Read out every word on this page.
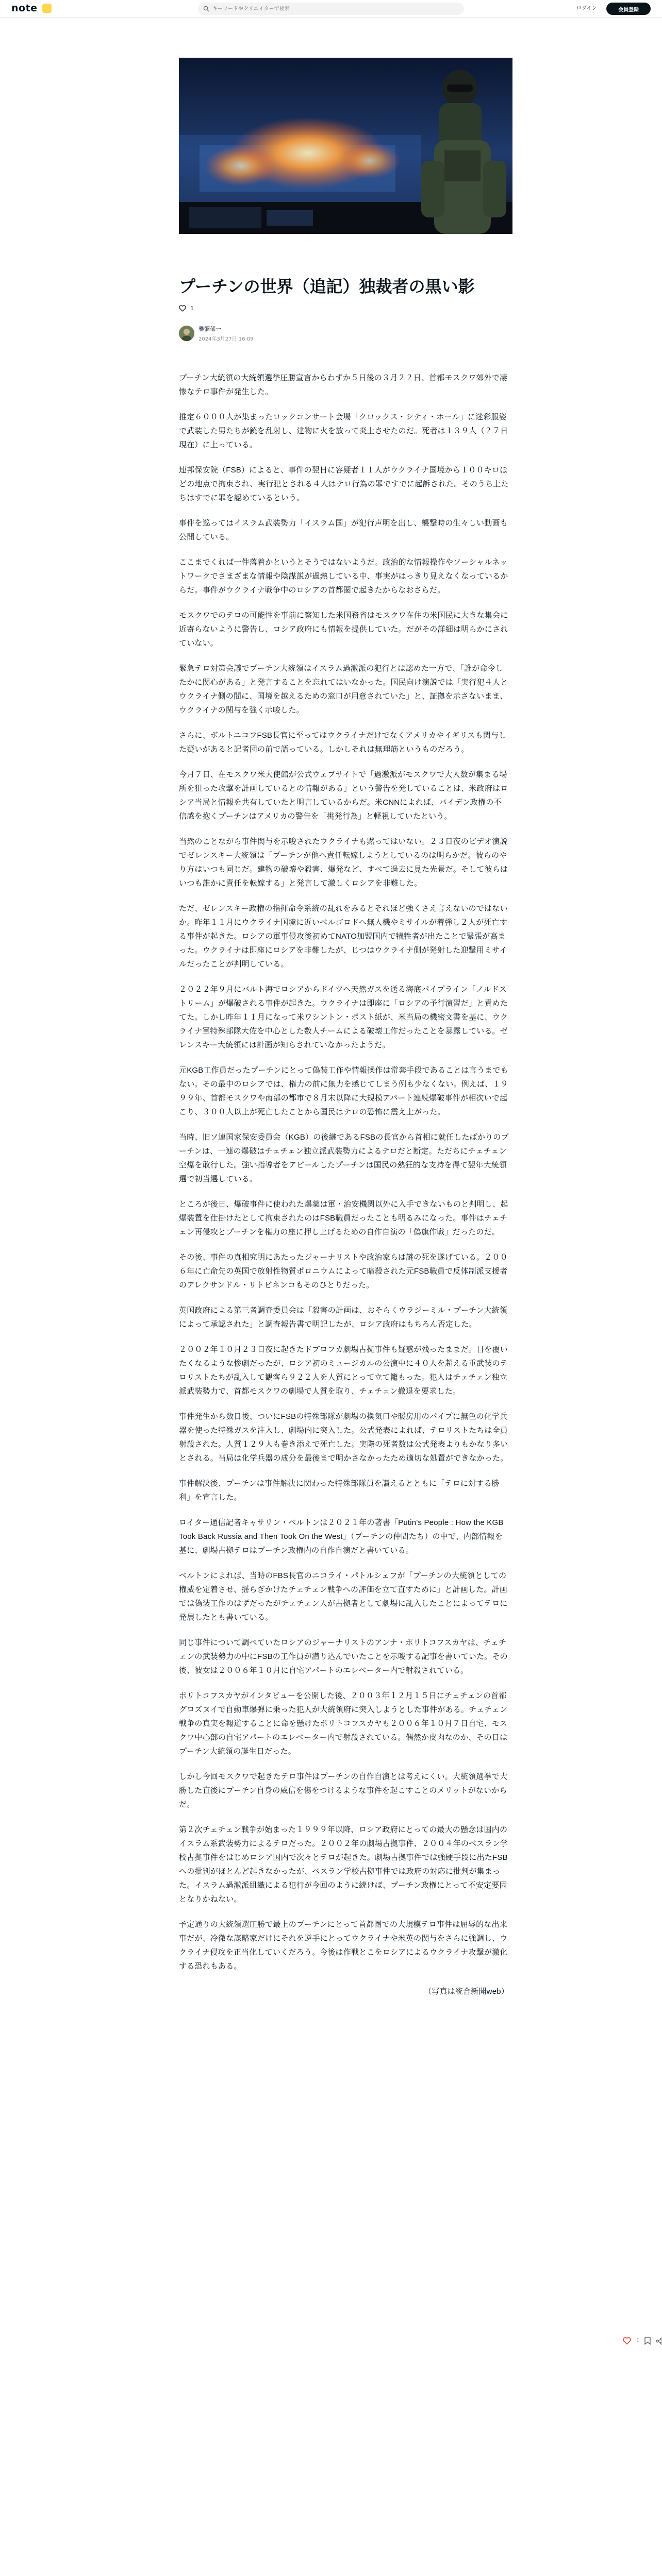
note
キーワードやクリエイターで検索	ログイン	会員登録
プーチンの世界（追記）独裁者の黒い影
1
雅彌郁一
2024年3月27日 16:09

プーチン大統領の大統領選挙圧勝宣言からわずか５日後の３月２２日、首都モスクワ郊外で凄惨なテロ事件が発生した。

推定６０００人が集まったロックコンサート会場「クロックス・シティ・ホール」に迷彩服姿で武装した男たちが銃を乱射し、建物に火を放って炎上させたのだ。死者は１３９人（２７日現在）に上っている。

連邦保安院（FSB）によると、事件の翌日に容疑者１１人がウクライナ国境から１００キロほどの地点で拘束され、実行犯とされる４人はテロ行為の罪ですでに起訴された。そのうち上たちはすでに罪を認めているという。

事件を巡ってはイスラム武装勢力「イスラム国」が犯行声明を出し、襲撃時の生々しい動画も公開している。

ここまでくれば一件落着かというとそうではないようだ。政治的な情報操作やソーシャルネットワークでさまざまな情報や陰謀説が過熱している中、事実がはっきり見えなくなっているからだ。事件がウクライナ戦争中のロシアの首都圏で起きたからなおさらだ。

モスクワでのテロの可能性を事前に察知した米国務省はモスクワ在住の米国民に大きな集会に近寄らないように警告し、ロシア政府にも情報を提供していた。だがその詳細は明らかにされていない。

緊急テロ対策会議でプーチン大統領はイスラム過激派の犯行とは認めた一方で、「誰が命令したかに関心がある」と発言することを忘れてはいなかった。国民向け演説では「実行犯４人とウクライナ側の間に、国境を越えるための窓口が用意されていた」と、証拠を示さないまま、ウクライナの関与を強く示唆した。

さらに、ボルトニコフFSB長官に至ってはウクライナだけでなくアメリカやイギリスも関与した疑いがあると記者団の前で語っている。しかしそれは無理筋というものだろう。

今月７日、在モスクワ米大使館が公式ウェブサイトで「過激派がモスクワで大人数が集まる場所を狙った攻撃を計画しているとの情報がある」という警告を発していることは、米政府はロシア当局と情報を共有していたと明言しているからだ。米CNNによれば、バイデン政権の不信感を抱くプーチンはアメリカの警告を「挑発行為」と軽視していたという。

当然のことながら事件関与を示唆されたウクライナも黙ってはいない。２３日夜のビデオ演説でゼレンスキー大統領は「プーチンが他へ責任転嫁しようとしているのは明らかだ。彼らのやり方はいつも同じだ。建物の破壊や殺害、爆発など、すべて過去に見た光景だ。そして彼らはいつも誰かに責任を転嫁する」と発言して激しくロシアを非難した。

ただ、ゼレンスキー政権の指揮命令系統の乱れをみるとそれほど強くさえ言えないのではないか。昨年１１月にウクライナ国境に近いベルゴロドへ無人機やミサイルが着弾し２人が死亡する事件が起きた。ロシアの軍事侵攻後初めてNATO加盟国内で犠牲者が出たことで緊張が高まった。ウクライナは即座にロシアを非難したが、じつはウクライナ側が発射した迎撃用ミサイルだったことが判明している。

２０２２年９月にバルト海でロシアからドイツへ天然ガスを送る海底パイプライン「ノルドストリーム」が爆破される事件が起きた。ウクライナは即座に「ロシアの予行演習だ」と責めたてた。しかし昨年１１月になって米ワシントン・ポスト紙が、米当局の機密文書を基に、ウクライナ軍特殊部隊大佐を中心とした数人チームによる破壊工作だったことを暴露している。ゼレンスキー大統領には計画が知らされていなかったようだ。

元KGB工作員だったプーチンにとって偽装工作や情報操作は常套手段であることは言うまでもない。その最中のロシアでは、権力の前に無力を感じてしまう例も少なくない。例えば、１９９９年、首都モスクワや南部の都市で８月末以降に大規模アパート連続爆破事件が相次いで起こり、３００人以上が死亡したことから国民はテロの恐怖に震え上がった。

当時、旧ソ連国家保安委員会（KGB）の後継であるFSBの長官から首相に就任したばかりのプーチンは、一連の爆破はチェチェン独立派武装勢力によるテロだと断定。ただちにチェチェン空爆を敢行した。強い指導者をアピールしたプーチンは国民の熱狂的な支持を得て翌年大統領選で初当選している。

ところが後日、爆破事件に使われた爆薬は軍・治安機関以外に入手できないものと判明し、起爆装置を仕掛けたとして拘束されたのはFSB職員だったことも明るみになった。事件はチェチェン再侵攻とプーチンを権力の座に押し上げるための自作自演の「偽旗作戦」だったのだ。

その後、事件の真相究明にあたったジャーナリストや政治家らは謎の死を遂げている。２００６年に亡命先の英国で放射性物質ポロニウムによって暗殺された元FSB職員で反体制派支援者のアレクサンドル・リトビネンコもそのひとりだった。

英国政府による第三者調査委員会は「殺害の計画は、おそらくウラジーミル・プーチン大統領によって承認された」と調査報告書で明記したが、ロシア政府はもちろん否定した。

２００２年１０月２３日夜に起きたドブロフカ劇場占拠事件も疑惑が残ったままだ。目を覆いたくなるような惨劇だったが、ロシア初のミュージカルの公演中に４０人を超える重武装のテロリストたちが乱入して観客ら９２２人を人質にとって立て籠もった。犯人はチェチェン独立派武装勢力で、首都モスクワの劇場で人質を取り、チェチェン撤退を要求した。

事件発生から数日後、ついにFSBの特殊部隊が劇場の換気口や暖房用のパイプに無色の化学兵器を使った特殊ガスを注入し、劇場内に突入した。公式発表によれば、テロリストたちは全員射殺された。人質１２９人も巻き添えで死亡した。実際の死者数は公式発表よりもかなり多いとされる。当局は化学兵器の成分を最後まで明かさなかったため適切な処置ができなかった。

事件解決後、プーチンは事件解決に関わった特殊部隊員を讃えるとともに「テロに対する勝利」を宣言した。

ロイター通信記者キャサリン・ベルトンは２０２１年の著書「Putin's People : How the KGB Took Back Russia and Then Took On the West」（プーチンの仲間たち）の中で、内部情報を基に、劇場占拠テロはプーチン政権内の自作自演だと書いている。

ベルトンによれば、当時のFBS長官のニコライ・パトルシェフが「プーチンの大統領としての権威を定着させ、揺らぎかけたチェチェン戦争への評価を立て直すために」と計画した。計画では偽装工作のはずだったがチェチェン人が占拠者として劇場に乱入したことによってテロに発展したとも書いている。

同じ事件について調べていたロシアのジャーナリストのアンナ・ポリトコフスカヤは、チェチェンの武装勢力の中にFSBの工作員が潜り込んでいたことを示唆する記事を書いていた。その後、彼女は２００６年１０月に自宅アパートのエレベーター内で射殺されている。

ポリトコフスカヤがインタビューを公開した後、２００３年１２月１５日にチェチェンの首都グロズヌイで自動車爆弾に乗った犯人が大統領府に突入しようとした事件がある。チェチェン戦争の真実を報道することに命を懸けたポリトコフスカヤも２００６年１０月７日自宅、モスクワ中心部の自宅アパートのエレベーター内で射殺されている。偶然か皮肉なのか、その日はプーチン大統領の誕生日だった。

しかし今回モスクワで起きたテロ事件はプーチンの自作自演とは考えにくい。大統領選挙で大勝した直後にプーチン自身の威信を傷をつけるような事件を起こすことのメリットがないからだ。

第２次チェチェン戦争が始まった１９９９年以降、ロシア政府にとっての最大の懸念は国内のイスラム系武装勢力によるテロだった。２００２年の劇場占拠事件、２００４年のベスラン学校占拠事件をはじめロシア国内で次々とテロが起きた。劇場占拠事件では強硬手段に出たFSBへの批判がほとんど起きなかったが、ベスラン学校占拠事件では政府の対応に批判が集まった。イスラム過激派組織による犯行が今回のように続けば、プーチン政権にとって不安定要因となりかねない。

予定通りの大統領選圧勝で最上のプーチンにとって首都圏での大規模テロ事件は屈辱的な出来事だが、冷徹な謀略家だけにそれを逆手にとってウクライナや米英の関与をさらに強調し、ウクライナ侵攻を正当化していくだろう。今後は作戦とこをロシアによるウクライナ攻撃が激化する恐れもある。

（写真は統合新聞web）

1
